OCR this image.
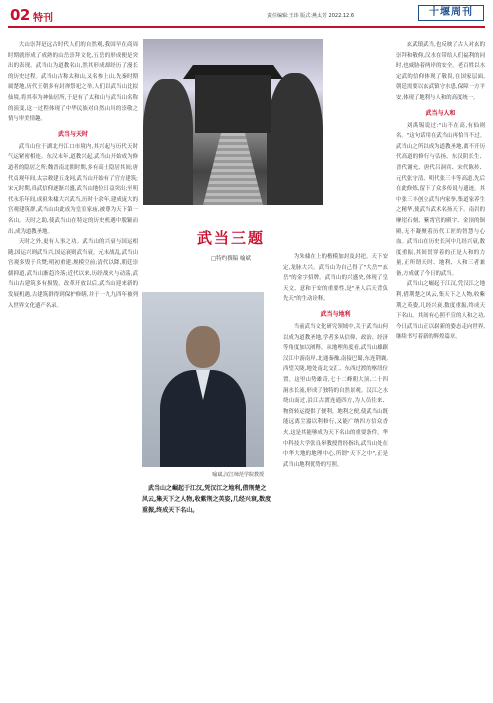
02 特刊	责任编辑:王玮 版式:燕太芳 2022.12.6	十堰周刊

大山崇拜是远古时代人们的自然观,我国早在商周时期就形成了成熟的山岳崇拜文化,五岳的形成便是突出的表现。武当山为道教名山,然其形成却经历了漫长的历史过程。武当山古称太和山,又名参上山,先秦时期属楚地,历代王朝多有封禅祭祀之举,人们以武当山比拟仙境,将其奉为神仙居所,于是有了太和山与武当山名称的演变,这一过程体现了中华民族对自然山川的崇敬之情与审美情趣。

武当与天时

武当山位于湖北丹江口市境内,其兴起与历代天时气运紧密相连。东汉末年,道教兴起,武当山开始成为修道者的隐居之所;魏晋南北朝时期,多有高士隐居其间;唐代贞观年间,太宗敕建五龙祠,武当山开始有了官方建筑;宋元时期,真武信仰逐渐兴盛,武当山地位日益突出;至明代永乐年间,成祖朱棣大兴武当,历时十余年,建成庞大的宫观建筑群,武当山由此成为皇室家庙,被尊为天下第一名山。天时之助,使武当山在特定的历史机遇中脱颖而出,成为道教圣地。

天时之外,更有人事之功。武当山的兴衰与国运相随,国运兴则武当兴,国运衰则武当衰。元末战乱,武当山宫观多毁于兵燹;明初重建,规模空前;清代以降,朝廷崇儒抑道,武当山渐趋冷落;近代以来,历经战火与动荡,武当山古建筑多有损毁。改革开放以后,武当山迎来新的发展机遇,古建筑群得到保护修缮,并于一九九四年被列入世界文化遗产名录。

武当三题
□特约撰稿 喻斌
喻斌,汉江师范学院教授

武当山之崛起于江汉,凭汉江之地利,借荆楚之风云,集天下之人物,收紫荆之英姿,几经兴衰,数度重振,终成天下名山。

为朱棣在上的楷模加封及封祀。天下安定,龙脉大兴。武当山为自己得了"大岳""玄岳"的金字招牌。武当山的兴盛史,体现了皇天文、意和于安的重要性,是"圣人后天背负先天"的生动诠释。

武当与地利

当前武当文化研究领域中,关于武当山何以成为道教圣地,学者多从信仰、政治、经济等角度加以阐释。从地理角度看,武当山雄踞汉江中游南岸,北通秦豫,南接巴蜀,东连荆襄,西望关陇,地处南北交汇、东西过渡的枢纽位置。这里山势雄奇,七十二峰朝大顶,二十四涧水长流,形成了独特的自然景观。汉江之水绕山而过,沿江古渡连通四方,为人员往来、物资转运提供了便利。地利之便,使武当山既能远离尘嚣以利修行,又能广纳四方信众香火,这是其能够成为天下名山的重要条件。华中科技大学张良皋教授曾经指出,武当山处在中华大地的地理中心,所谓"天下之中",正是武当山地利优势的写照。

玄武镇武当,也反映了古人对玄的崇拜和敬仰,汉水在带给人们福利的同时,也威胁着两岸的安全。老百姓以水定武的信仰体现了敬畏,在国家层面,朝廷需要以玄武镇守水患,保障一方平安,体现了地利与人和的高度统一。

武当与人和

刘禹锡说过:"山不在高,有仙则名。"这句话用在武当山再恰当不过。武当山之所以成为道教圣地,离不开历代高道的修行与弘扬。东汉阴长生、晋代谢允、唐代吕洞宾、宋代陈抟、元代张守清、明代张三丰等高道,先后在此修炼,留下了众多传说与遗迹。其中张三丰创立武当内家拳,集道家养生之精华,使武当武术名扬天下。南岩的摩崖石刻、紫霄宫的殿宇、金顶的铜殿,无不凝聚着历代工匠的智慧与心血。武当山在历史长河中几经兴衰,数度重振,其间贯穿着的正是人和的力量,正所谓天时、地利、人和三者兼备,方成就了今日的武当。

武当山之崛起于江汉,凭汉江之地利,借荆楚之风云,集天下之人物,收紫荆之英姿,几经兴衰,数度重振,终成天下名山。其间有心照不宣的人和之功,今日武当山正以崭新的姿态走向世界,继续书写着新的辉煌篇章。
